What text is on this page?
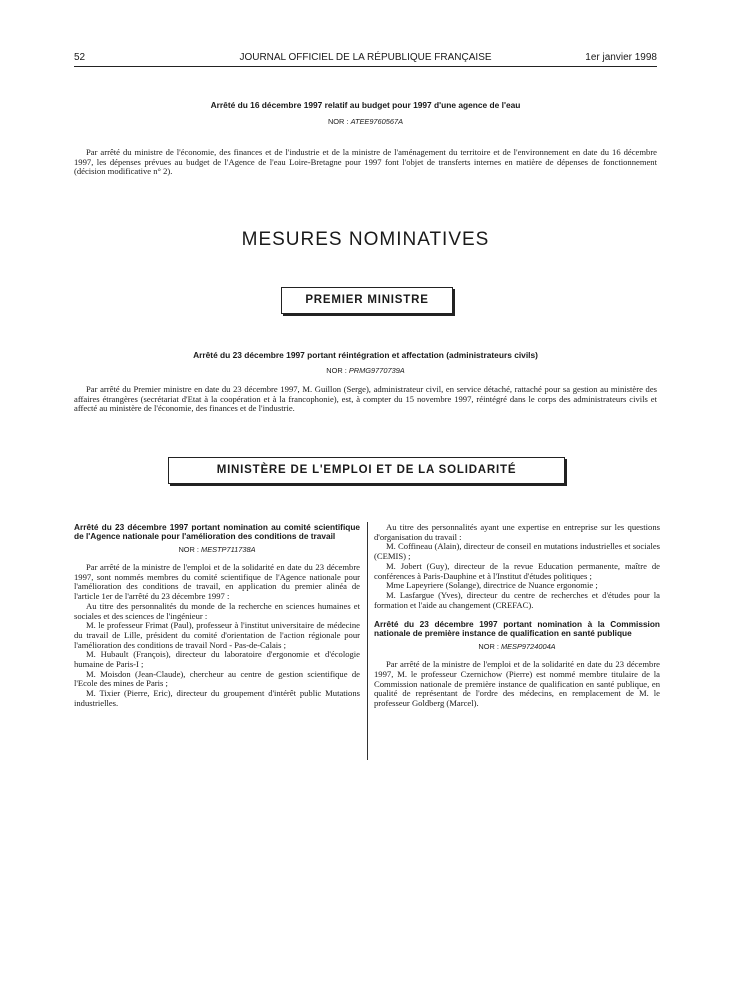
52	JOURNAL OFFICIEL DE LA RÉPUBLIQUE FRANÇAISE	1er janvier 1998
Arrêté du 16 décembre 1997 relatif au budget pour 1997 d'une agence de l'eau
NOR : ATEE9760567A

Par arrêté du ministre de l'économie, des finances et de l'industrie et de la ministre de l'aménagement du territoire et de l'environnement en date du 16 décembre 1997, les dépenses prévues au budget de l'Agence de l'eau Loire-Bretagne pour 1997 font l'objet de transferts internes en matière de dépenses de fonctionnement (décision modificative n° 2).

MESURES NOMINATIVES
PREMIER MINISTRE
Arrêté du 23 décembre 1997 portant réintégration et affectation (administrateurs civils)
NOR : PRMG9770739A

Par arrêté du Premier ministre en date du 23 décembre 1997, M. Guillon (Serge), administrateur civil, en service détaché, rattaché pour sa gestion au ministère des affaires étrangères (secrétariat d'Etat à la coopération et à la francophonie), est, à compter du 15 novembre 1997, réintégré dans le corps des administrateurs civils et affecté au ministère de l'économie, des finances et de l'industrie.

MINISTÈRE DE L'EMPLOI ET DE LA SOLIDARITÉ
Arrêté du 23 décembre 1997 portant nomination au comité scientifique de l'Agence nationale pour l'amélioration des conditions de travail
NOR : MESTP711738A

Par arrêté de la ministre de l'emploi et de la solidarité en date du 23 décembre 1997, sont nommés membres du comité scientifique de l'Agence nationale pour l'amélioration des conditions de travail, en application du premier alinéa de l'article 1er de l'arrêté du 23 décembre 1997 :

Au titre des personnalités du monde de la recherche en sciences humaines et sociales et des sciences de l'ingénieur :

M. le professeur Frimat (Paul), professeur à l'institut universitaire de médecine du travail de Lille, président du comité d'orientation de l'action régionale pour l'amélioration des conditions de travail Nord - Pas-de-Calais ;

M. Hubault (François), directeur du laboratoire d'ergonomie et d'écologie humaine de Paris-I ;

M. Moisdon (Jean-Claude), chercheur au centre de gestion scientifique de l'Ecole des mines de Paris ;

M. Tixier (Pierre, Eric), directeur du groupement d'intérêt public Mutations industrielles.

Au titre des personnalités ayant une expertise en entreprise sur les questions d'organisation du travail :

M. Coffineau (Alain), directeur de conseil en mutations industrielles et sociales (CEMIS) ;

M. Jobert (Guy), directeur de la revue Education permanente, maître de conférences à Paris-Dauphine et à l'Institut d'études politiques ;

Mme Lapeyriere (Solange), directrice de Nuance ergonomie ;

M. Lasfargue (Yves), directeur du centre de recherches et d'études pour la formation et l'aide au changement (CREFAC).

Arrêté du 23 décembre 1997 portant nomination à la Commission nationale de première instance de qualification en santé publique
NOR : MESP9724004A

Par arrêté de la ministre de l'emploi et de la solidarité en date du 23 décembre 1997, M. le professeur Czernichow (Pierre) est nommé membre titulaire de la Commission nationale de première instance de qualification en santé publique, en qualité de représentant de l'ordre des médecins, en remplacement de M. le professeur Goldberg (Marcel).
